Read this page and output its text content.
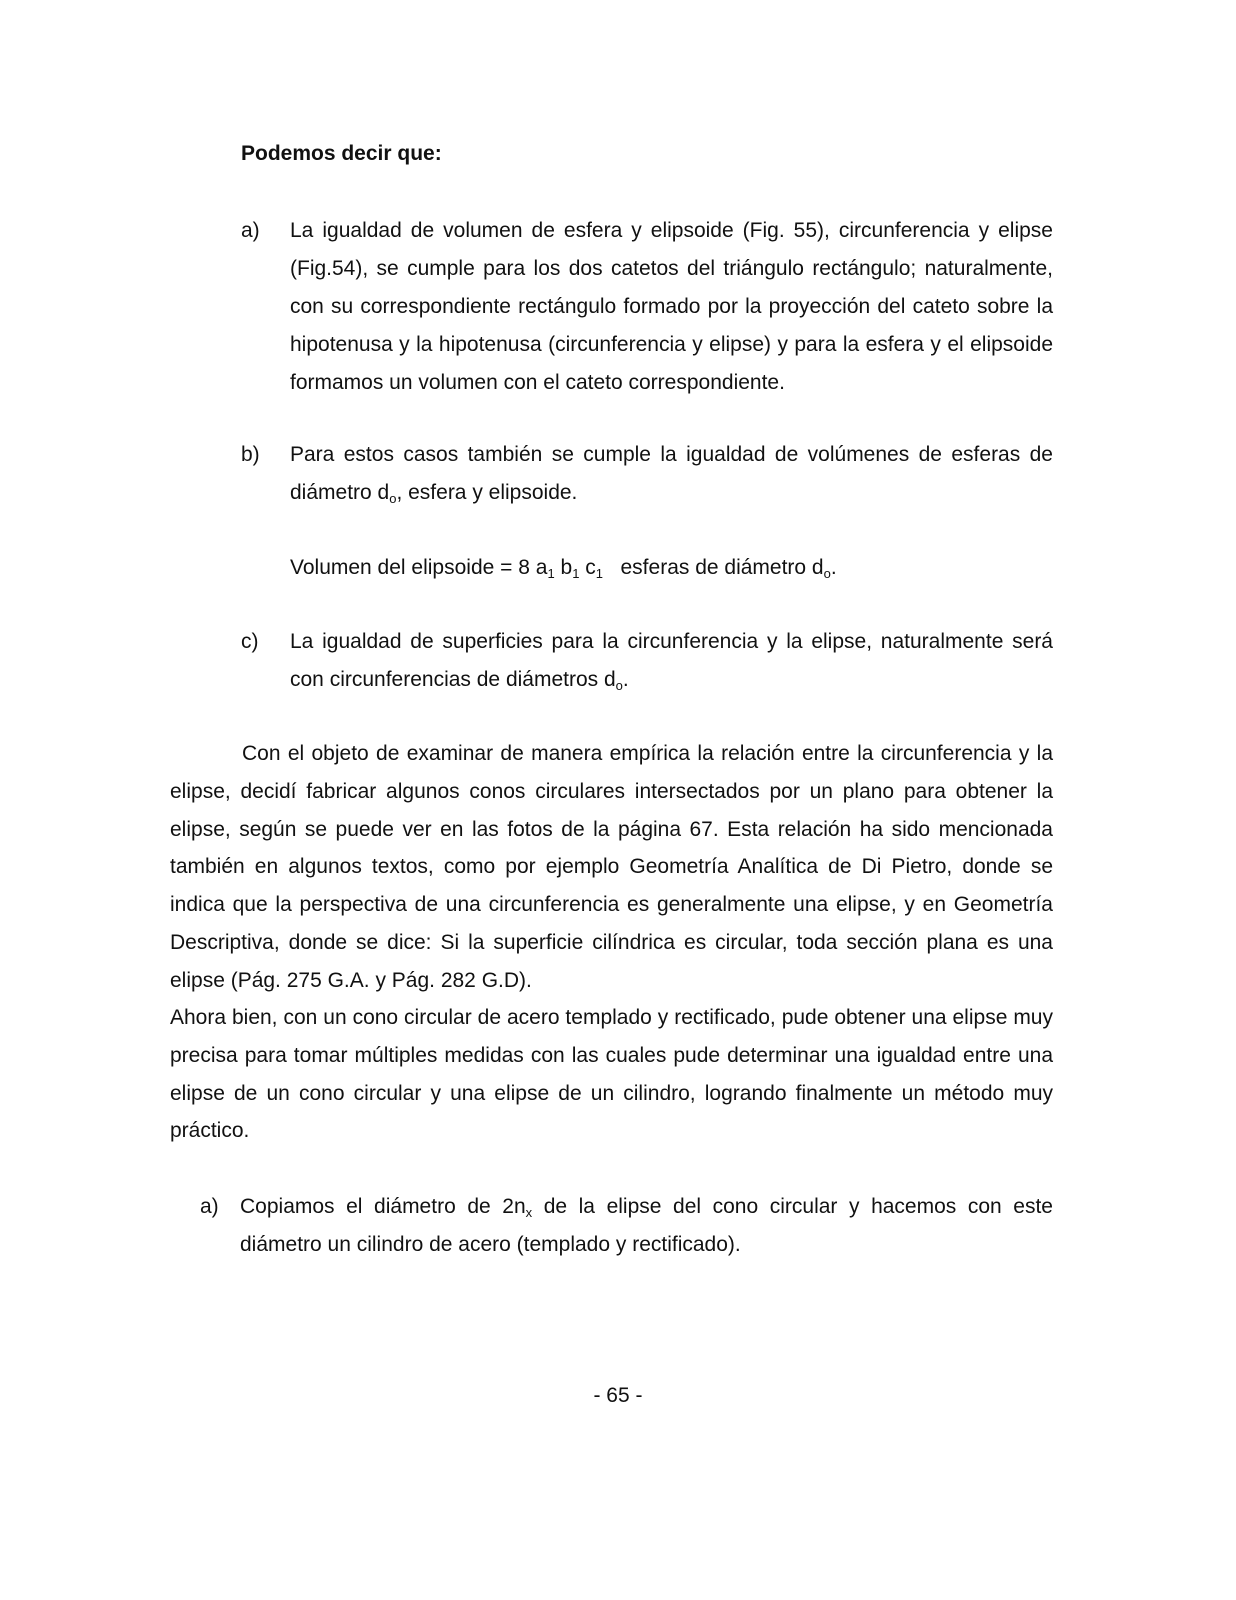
Podemos decir que:
a) La igualdad de volumen de esfera y elipsoide (Fig. 55), circunferencia y elipse (Fig.54), se cumple para los dos catetos del triángulo rectángulo; naturalmente, con su correspondiente rectángulo formado por la proyección del cateto sobre la hipotenusa y la hipotenusa (circunferencia y elipse) y para la esfera y el elipsoide formamos un volumen con el cateto correspondiente.
b) Para estos casos también se cumple la igualdad de volúmenes de esferas de diámetro $d_o$, esfera y elipsoide.
Volumen del elipsoide = 8 $a_1$ $b_1$ $c_1$   esferas de diámetro $d_o$.
c) La igualdad de superficies para la circunferencia y la elipse, naturalmente será con circunferencias de diámetros $d_o$.
Con el objeto de examinar de manera empírica la relación entre la circunferencia y la elipse, decidí fabricar algunos conos circulares intersectados por un plano para obtener la elipse, según se puede ver en las fotos de la página 67. Esta relación ha sido mencionada también en algunos textos, como por ejemplo Geometría Analítica de Di Pietro, donde se indica que la perspectiva de una circunferencia es generalmente una elipse, y en Geometría Descriptiva, donde se dice: Si la superficie cilíndrica es circular, toda sección plana es una elipse (Pág. 275 G.A. y Pág. 282 G.D).
Ahora bien, con un cono circular de acero templado y rectificado, pude obtener una elipse muy precisa para tomar múltiples medidas con las cuales pude determinar una igualdad entre una elipse de un cono circular y una elipse de un cilindro, logrando finalmente un método muy práctico.
a) Copiamos el diámetro de $2n_x$ de la elipse del cono circular y hacemos con este diámetro un cilindro de acero (templado y rectificado).
- 65 -
